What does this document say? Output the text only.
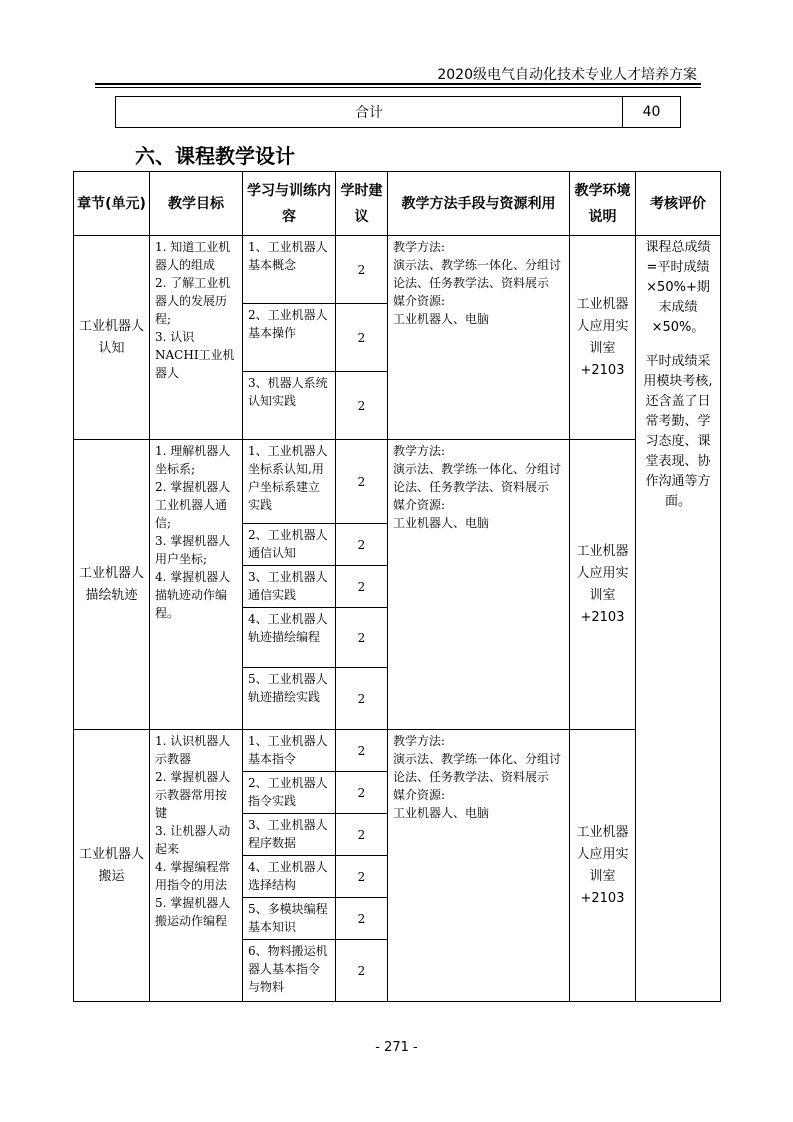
2020级电气自动化技术专业人才培养方案
合计	40
六、课程教学设计
章节(单元)	教学目标	学习与训练内容	学时建议	教学方法手段与资源利用	教学环境说明	考核评价
工业机器人认知	1. 知道工业机器人的组成
2. 了解工业机器人的发展历程;
3. 认识NACHI工业机器人	1、工业机器人基本概念	2	教学方法:
演示法、教学练一体化、分组讨论法、任务教学法、资料展示
媒介资源:
工业机器人、电脑	工业机器人应用实训室+2103	课程总成绩=平时成绩×50%+期末成绩×50%。
平时成绩采用模块考核,还含盖了日常考勤、学习态度、课堂表现、协作沟通等方面。

		2、工业机器人基本操作	2			
		3、机器人系统认知实践	2			
工业机器人描绘轨迹	1. 理解机器人坐标系;
2. 掌握机器人工业机器人通信;
3. 掌握机器人用户坐标;
4. 掌握机器人描轨迹动作编程。	1、工业机器人坐标系认知,用户坐标系建立实践	2	教学方法:
演示法、教学练一体化、分组讨论法、任务教学法、资料展示
媒介资源:
工业机器人、电脑	工业机器人应用实训室+2103	
		2、工业机器人通信认知	2			
		3、工业机器人通信实践	2			
		4、工业机器人轨迹描绘编程	2			
		5、工业机器人轨迹描绘实践	2			
工业机器人搬运	1. 认识机器人示教器
2. 掌握机器人示教器常用按键
3. 让机器人动起来
4. 掌握编程常用指令的用法
5. 掌握机器人搬运动作编程	1、工业机器人基本指令	2	教学方法:
演示法、教学练一体化、分组讨论法、任务教学法、资料展示
媒介资源:
工业机器人、电脑	工业机器人应用实训室+2103	
		2、工业机器人指令实践	2			
		3、工业机器人程序数据	2			
		4、工业机器人选择结构	2			
		5、多模块编程基本知识	2			
		6、物料搬运机器人基本指令与物料	2			
- 271 -
